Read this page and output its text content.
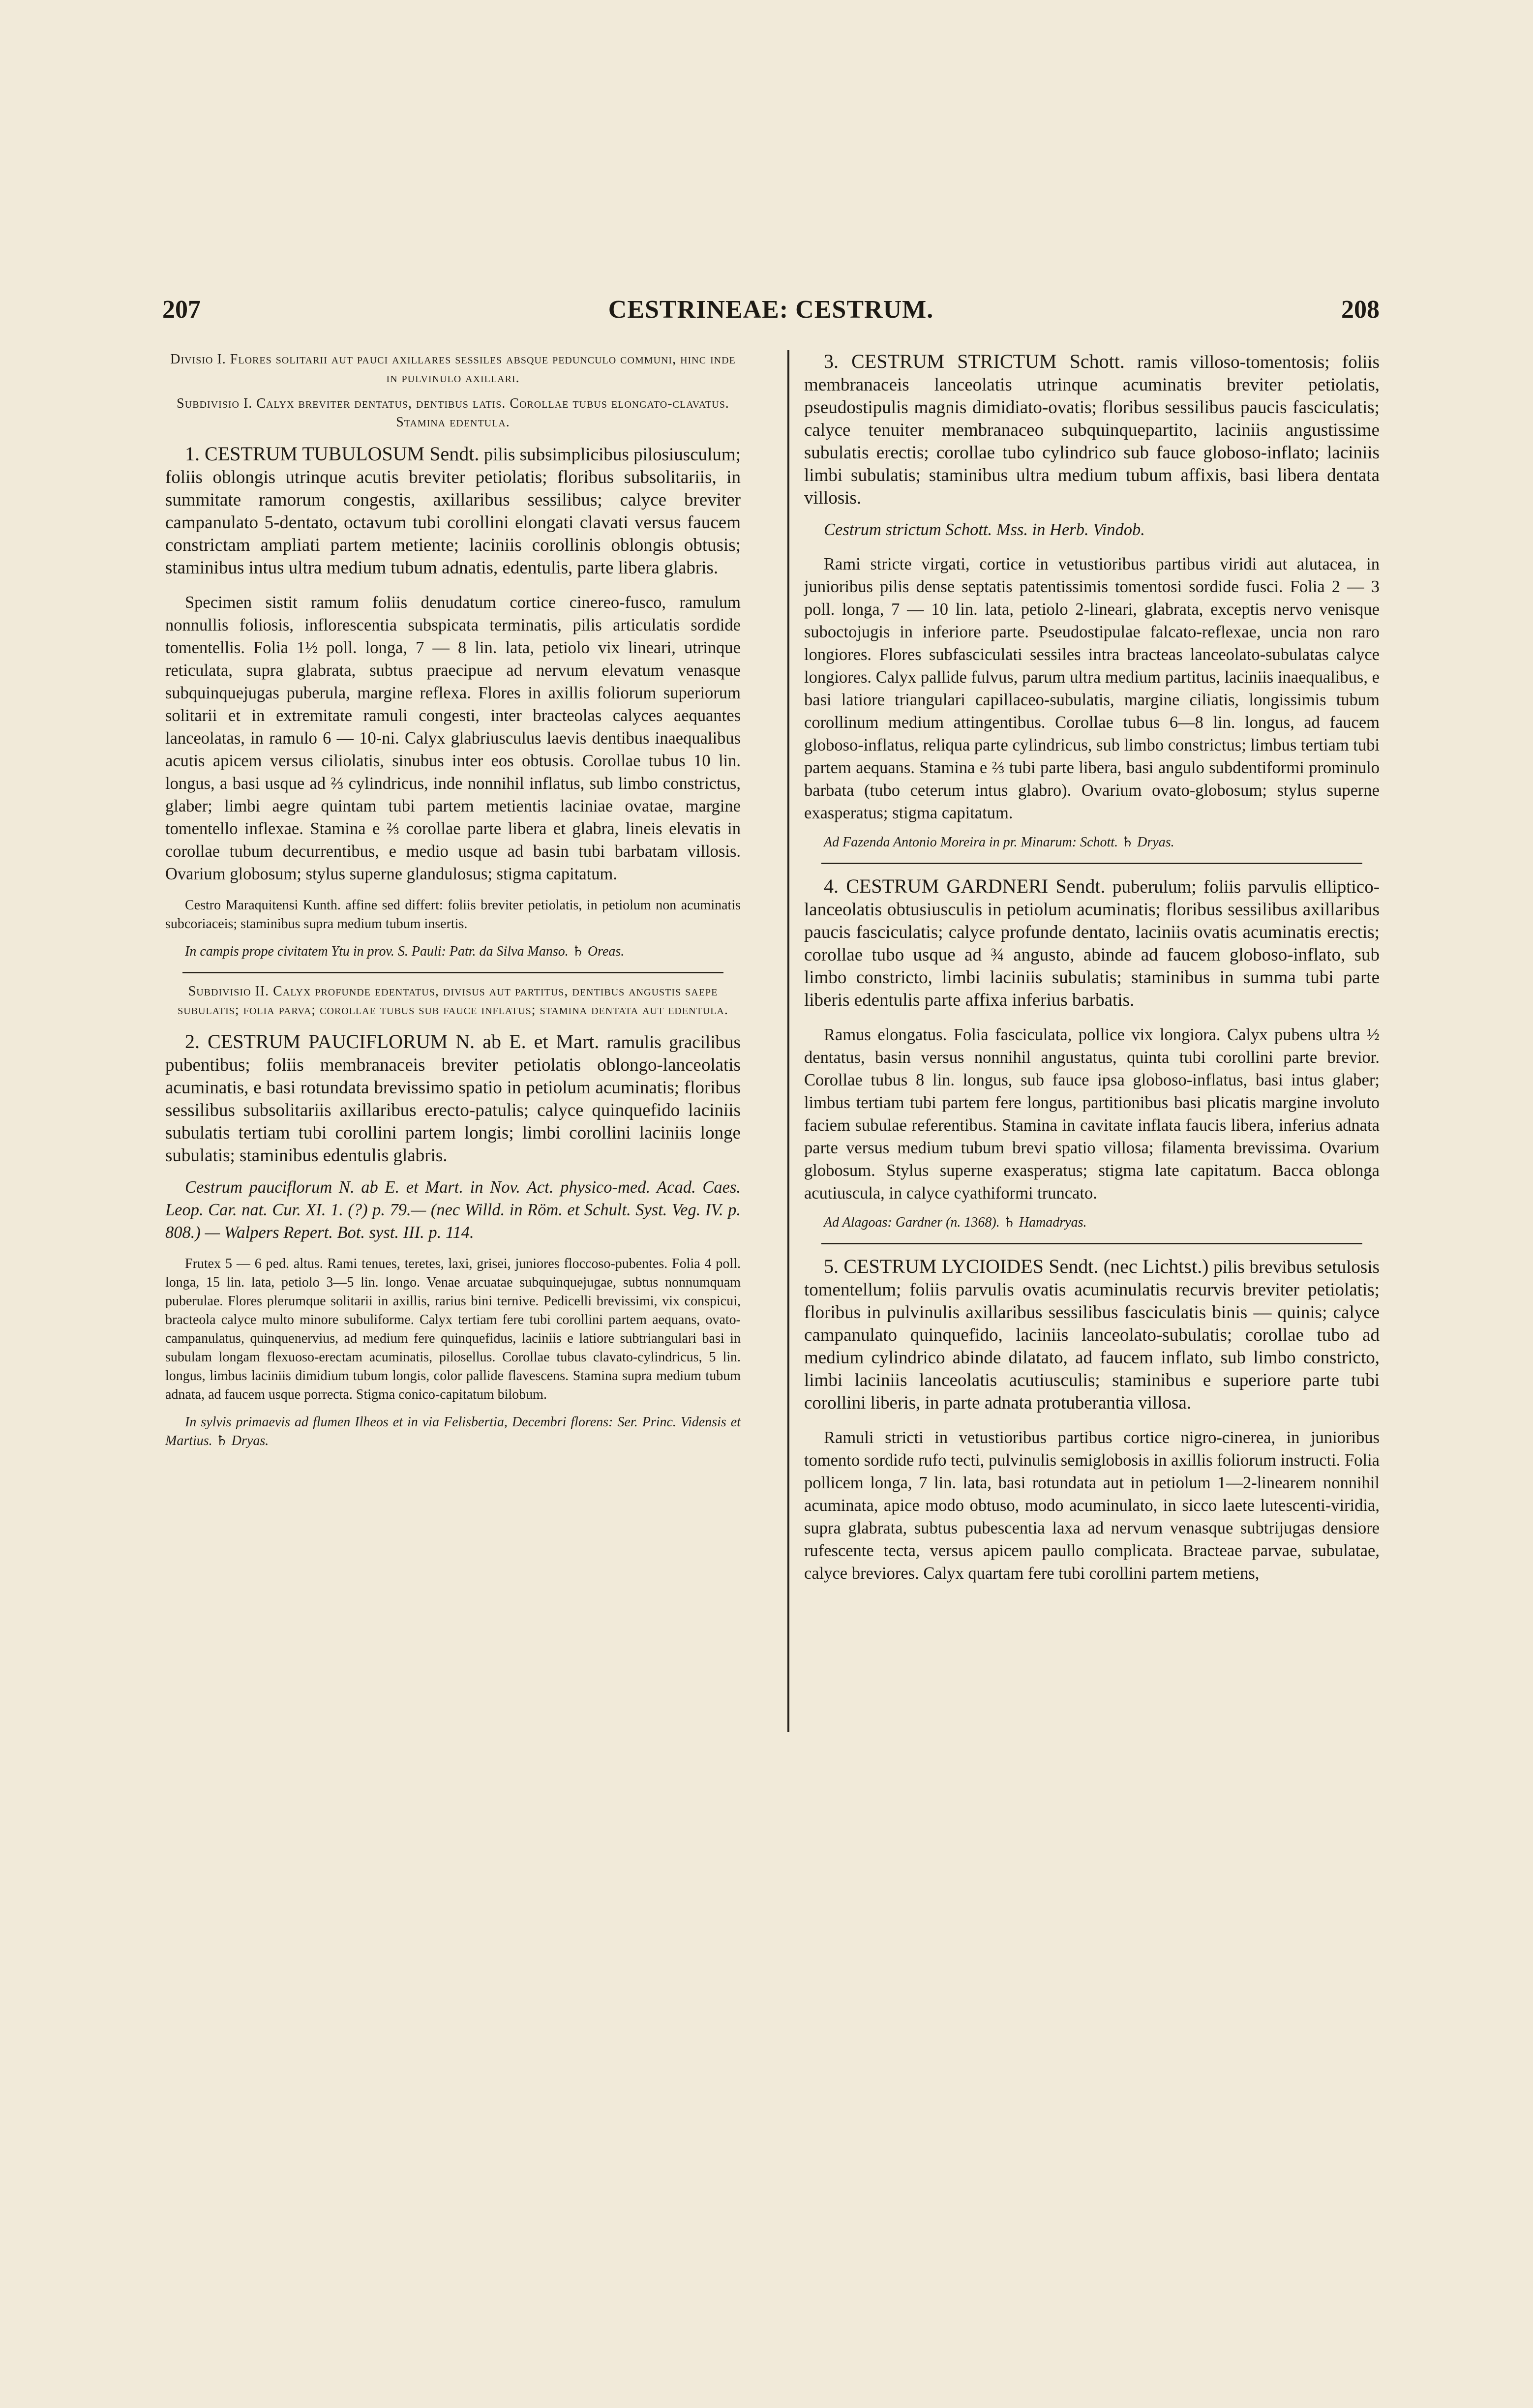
207	CESTRINEAE: CESTRUM.	208

Divisio I. Flores solitarii aut pauci axillares sessiles absque pedunculo communi, hinc inde in pulvinulo axillari.

Subdivisio I. Calyx breviter dentatus, dentibus latis. Corollae tubus elongato-clavatus. Stamina edentula.

1. CESTRUM TUBULOSUM Sendt. pilis subsimplicibus pilosiusculum; foliis oblongis utrinque acutis breviter petiolatis; floribus subsolitariis, in summitate ramorum congestis, axillaribus sessilibus; calyce breviter campanulato 5-dentato, octavum tubi corollini elongati clavati versus faucem constrictam ampliati partem metiente; laciniis corollinis oblongis obtusis; staminibus intus ultra medium tubum adnatis, edentulis, parte libera glabris.

Specimen sistit ramum foliis denudatum cortice cinereo-fusco, ramulum nonnullis foliosis, inflorescentia subspicata terminatis, pilis articulatis sordide tomentellis. Folia 1½ poll. longa, 7 — 8 lin. lata, petiolo vix lineari, utrinque reticulata, supra glabrata, subtus praecipue ad nervum elevatum venasque subquinquejugas puberula, margine reflexa. Flores in axillis foliorum superiorum solitarii et in extremitate ramuli congesti, inter bracteolas calyces aequantes lanceolatas, in ramulo 6 — 10-ni. Calyx glabriusculus laevis dentibus inaequalibus acutis apicem versus ciliolatis, sinubus inter eos obtusis. Corollae tubus 10 lin. longus, a basi usque ad ⅔ cylindricus, inde nonnihil inflatus, sub limbo constrictus, glaber; limbi aegre quintam tubi partem metientis laciniae ovatae, margine tomentello inflexae. Stamina e ⅔ corollae parte libera et glabra, lineis elevatis in corollae tubum decurrentibus, e medio usque ad basin tubi barbatam villosis. Ovarium globosum; stylus superne glandulosus; stigma capitatum.

Cestro Maraquitensi Kunth. affine sed differt: foliis breviter petiolatis, in petiolum non acuminatis subcoriaceis; staminibus supra medium tubum insertis.

In campis prope civitatem Ytu in prov. S. Pauli: Patr. da Silva Manso. ♄ Oreas.

Subdivisio II. Calyx profunde edentatus, divisus aut partitus, dentibus angustis saepe subulatis; folia parva; corollae tubus sub fauce inflatus; stamina dentata aut edentula.

2. CESTRUM PAUCIFLORUM N. ab E. et Mart. ramulis gracilibus pubentibus; foliis membranaceis breviter petiolatis oblongo-lanceolatis acuminatis, e basi rotundata brevissimo spatio in petiolum acuminatis; floribus sessilibus subsolitariis axillaribus erecto-patulis; calyce quinquefido laciniis subulatis tertiam tubi corollini partem longis; limbi corollini laciniis longe subulatis; staminibus edentulis glabris.

Cestrum pauciflorum N. ab E. et Mart. in Nov. Act. physico-med. Acad. Caes. Leop. Car. nat. Cur. XI. 1. (?) p. 79.— (nec Willd. in Röm. et Schult. Syst. Veg. IV. p. 808.) — Walpers Repert. Bot. syst. III. p. 114.

Frutex 5 — 6 ped. altus. Rami tenues, teretes, laxi, grisei, juniores floccoso-pubentes. Folia 4 poll. longa, 15 lin. lata, petiolo 3—5 lin. longo. Venae arcuatae subquinquejugae, subtus nonnumquam puberulae. Flores plerumque solitarii in axillis, rarius bini ternive. Pedicelli brevissimi, vix conspicui, bracteola calyce multo minore subuliforme. Calyx tertiam fere tubi corollini partem aequans, ovato-campanulatus, quinquenervius, ad medium fere quinquefidus, laciniis e latiore subtriangulari basi in subulam longam flexuoso-erectam acuminatis, pilosellus. Corollae tubus clavato-cylindricus, 5 lin. longus, limbus laciniis dimidium tubum longis, color pallide flavescens. Stamina supra medium tubum adnata, ad faucem usque porrecta. Stigma conico-capitatum bilobum.

In sylvis primaevis ad flumen Ilheos et in via Felisbertia, Decembri florens: Ser. Princ. Vidensis et Martius. ♄ Dryas.

3. CESTRUM STRICTUM Schott. ramis villoso-tomentosis; foliis membranaceis lanceolatis utrinque acuminatis breviter petiolatis, pseudostipulis magnis dimidiato-ovatis; floribus sessilibus paucis fasciculatis; calyce tenuiter membranaceo subquinquepartito, laciniis angustissime subulatis erectis; corollae tubo cylindrico sub fauce globoso-inflato; laciniis limbi subulatis; staminibus ultra medium tubum affixis, basi libera dentata villosis.

Cestrum strictum Schott. Mss. in Herb. Vindob.

Rami stricte virgati, cortice in vetustioribus partibus viridi aut alutacea, in junioribus pilis dense septatis patentissimis tomentosi sordide fusci. Folia 2 — 3 poll. longa, 7 — 10 lin. lata, petiolo 2-lineari, glabrata, exceptis nervo venisque suboctojugis in inferiore parte. Pseudostipulae falcato-reflexae, uncia non raro longiores. Flores subfasciculati sessiles intra bracteas lanceolato-subulatas calyce longiores. Calyx pallide fulvus, parum ultra medium partitus, laciniis inaequalibus, e basi latiore triangulari capillaceo-subulatis, margine ciliatis, longissimis tubum corollinum medium attingentibus. Corollae tubus 6—8 lin. longus, ad faucem globoso-inflatus, reliqua parte cylindricus, sub limbo constrictus; limbus tertiam tubi partem aequans. Stamina e ⅔ tubi parte libera, basi angulo subdentiformi prominulo barbata (tubo ceterum intus glabro). Ovarium ovato-globosum; stylus superne exasperatus; stigma capitatum.

Ad Fazenda Antonio Moreira in pr. Minarum: Schott. ♄ Dryas.

4. CESTRUM GARDNERI Sendt. puberulum; foliis parvulis elliptico-lanceolatis obtusiusculis in petiolum acuminatis; floribus sessilibus axillaribus paucis fasciculatis; calyce profunde dentato, laciniis ovatis acuminatis erectis; corollae tubo usque ad ¾ angusto, abinde ad faucem globoso-inflato, sub limbo constricto, limbi laciniis subulatis; staminibus in summa tubi parte liberis edentulis parte affixa inferius barbatis.

Ramus elongatus. Folia fasciculata, pollice vix longiora. Calyx pubens ultra ½ dentatus, basin versus nonnihil angustatus, quinta tubi corollini parte brevior. Corollae tubus 8 lin. longus, sub fauce ipsa globoso-inflatus, basi intus glaber; limbus tertiam tubi partem fere longus, partitionibus basi plicatis margine involuto faciem subulae referentibus. Stamina in cavitate inflata faucis libera, inferius adnata parte versus medium tubum brevi spatio villosa; filamenta brevissima. Ovarium globosum. Stylus superne exasperatus; stigma late capitatum. Bacca oblonga acutiuscula, in calyce cyathiformi truncato.

Ad Alagoas: Gardner (n. 1368). ♄ Hamadryas.

5. CESTRUM LYCIOIDES Sendt. (nec Lichtst.) pilis brevibus setulosis tomentellum; foliis parvulis ovatis acuminulatis recurvis breviter petiolatis; floribus in pulvinulis axillaribus sessilibus fasciculatis binis — quinis; calyce campanulato quinquefido, laciniis lanceolato-subulatis; corollae tubo ad medium cylindrico abinde dilatato, ad faucem inflato, sub limbo constricto, limbi laciniis lanceolatis acutiusculis; staminibus e superiore parte tubi corollini liberis, in parte adnata protuberantia villosa.

Ramuli stricti in vetustioribus partibus cortice nigro-cinerea, in junioribus tomento sordide rufo tecti, pulvinulis semiglobosis in axillis foliorum instructi. Folia pollicem longa, 7 lin. lata, basi rotundata aut in petiolum 1—2-linearem nonnihil acuminata, apice modo obtuso, modo acuminulato, in sicco laete lutescenti-viridia, supra glabrata, subtus pubescentia laxa ad nervum venasque subtrijugas densiore rufescente tecta, versus apicem paullo complicata. Bracteae parvae, subulatae, calyce breviores. Calyx quartam fere tubi corollini partem metiens,
